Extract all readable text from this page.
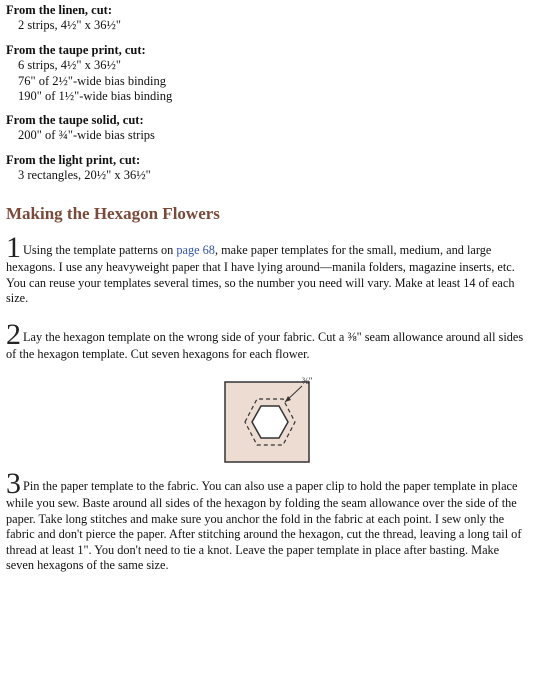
From the linen, cut:

2 strips, 4½" x 36½"

From the taupe print, cut:

6 strips, 4½" x 36½"

76" of 2½"-wide bias binding

190" of 1½"-wide bias binding

From the taupe solid, cut:

200" of ¾"-wide bias strips

From the light print, cut:

3 rectangles, 20½" x 36½"

Making the Hexagon Flowers

1 Using the template patterns on page 68, make paper templates for the small, medium, and large hexagons. I use any heavyweight paper that I have lying around—manila folders, magazine inserts, etc. You can reuse your templates several times, so the number you need will vary. Make at least 14 of each size.

2 Lay the hexagon template on the wrong side of your fabric. Cut a ⅜" seam allowance around all sides of the hexagon template. Cut seven hexagons for each flower.

⅜"

3 Pin the paper template to the fabric. You can also use a paper clip to hold the paper template in place while you sew. Baste around all sides of the hexagon by folding the seam allowance over the side of the paper. Take long stitches and make sure you anchor the fold in the fabric at each point. I sew only the fabric and don't pierce the paper. After stitching around the hexagon, cut the thread, leaving a long tail of thread at least 1". You don't need to tie a knot. Leave the paper template in place after basting. Make seven hexagons of the same size.
